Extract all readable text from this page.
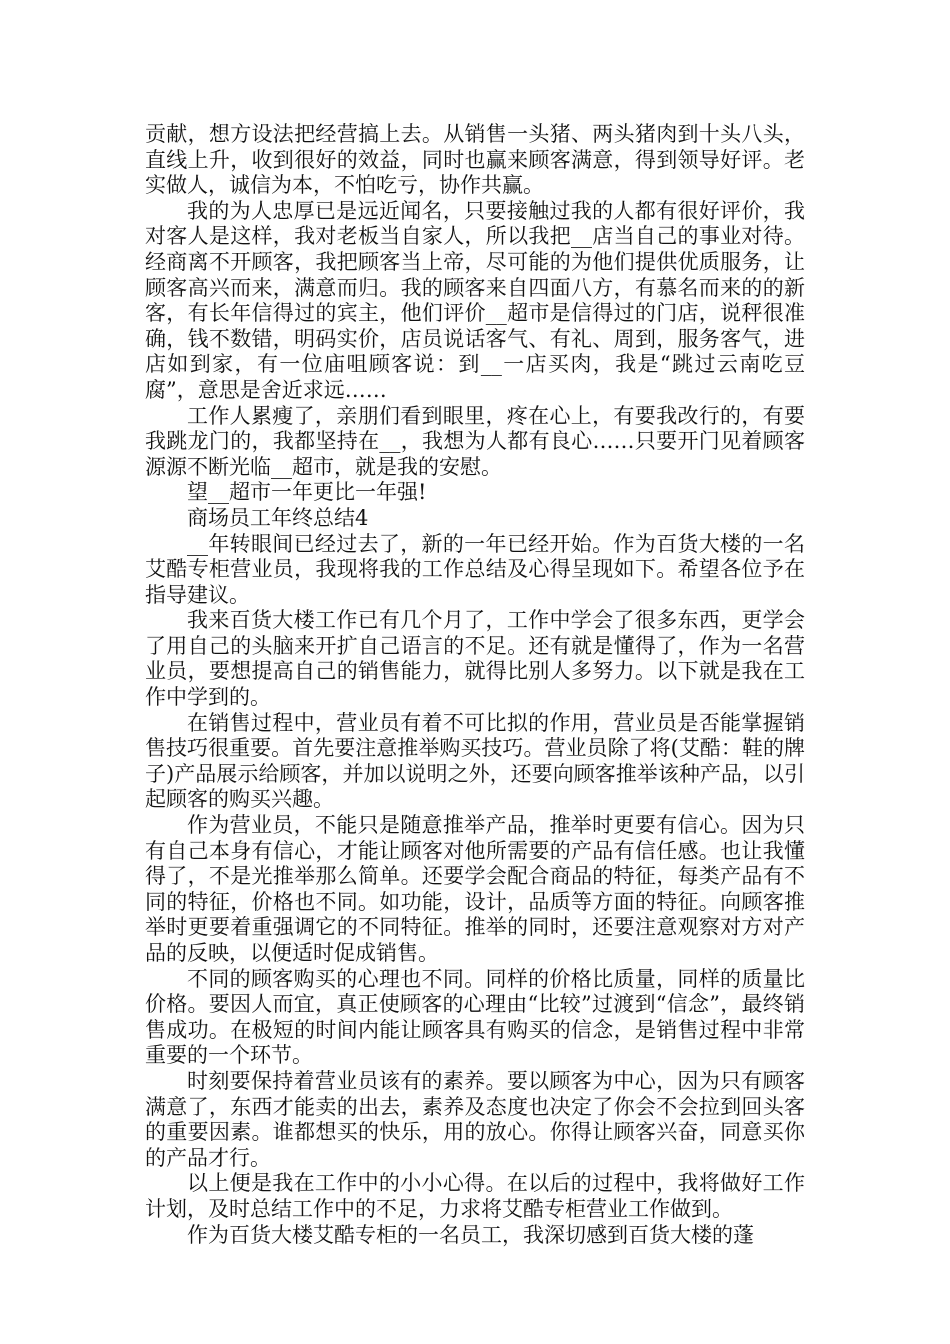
贡献，想方设法把经营搞上去。从销售一头猪、两头猪肉到十头八头，直线上升，收到很好的效益，同时也赢来顾客满意，得到领导好评。老实做人，诚信为本，不怕吃亏，协作共赢。

我的为人忠厚已是远近闻名，只要接触过我的人都有很好评价，我对客人是这样，我对老板当自家人，所以我把__店当自己的事业对待。经商离不开顾客，我把顾客当上帝，尽可能的为他们提供优质服务，让顾客高兴而来，满意而归。我的顾客来自四面八方，有慕名而来的的新客，有长年信得过的宾主，他们评价__超市是信得过的门店，说秤很准确，钱不数错，明码实价，店员说话客气、有礼、周到，服务客气，进店如到家，有一位庙咀顾客说：到__一店买肉，我是“跳过云南吃豆腐”，意思是舍近求远……

工作人累瘦了，亲朋们看到眼里，疼在心上，有要我改行的，有要我跳龙门的，我都坚持在__，我想为人都有良心……只要开门见着顾客源源不断光临__超市，就是我的安慰。

望__超市一年更比一年强!

商场员工年终总结4

__年转眼间已经过去了，新的一年已经开始。作为百货大楼的一名艾酷专柜营业员，我现将我的工作总结及心得呈现如下。希望各位予在指导建议。

我来百货大楼工作已有几个月了，工作中学会了很多东西，更学会了用自己的头脑来开扩自己语言的不足。还有就是懂得了，作为一名营业员，要想提高自己的销售能力，就得比别人多努力。以下就是我在工作中学到的。

在销售过程中，营业员有着不可比拟的作用，营业员是否能掌握销售技巧很重要。首先要注意推举购买技巧。营业员除了将(艾酷：鞋的牌子)产品展示给顾客，并加以说明之外，还要向顾客推举该种产品，以引起顾客的购买兴趣。

作为营业员，不能只是随意推举产品，推举时更要有信心。因为只有自己本身有信心，才能让顾客对他所需要的产品有信任感。也让我懂得了，不是光推举那么简单。还要学会配合商品的特征，每类产品有不同的特征，价格也不同。如功能，设计，品质等方面的特征。向顾客推举时更要着重强调它的不同特征。推举的同时，还要注意观察对方对产品的反映，以便适时促成销售。

不同的顾客购买的心理也不同。同样的价格比质量，同样的质量比价格。要因人而宜，真正使顾客的心理由“比较”过渡到“信念”，最终销售成功。在极短的时间内能让顾客具有购买的信念，是销售过程中非常重要的一个环节。

时刻要保持着营业员该有的素养。要以顾客为中心，因为只有顾客满意了，东西才能卖的出去，素养及态度也决定了你会不会拉到回头客的重要因素。谁都想买的快乐，用的放心。你得让顾客兴奋，同意买你的产品才行。

以上便是我在工作中的小小心得。在以后的过程中，我将做好工作计划，及时总结工作中的不足，力求将艾酷专柜营业工作做到。

作为百货大楼艾酷专柜的一名员工，我深切感到百货大楼的蓬
